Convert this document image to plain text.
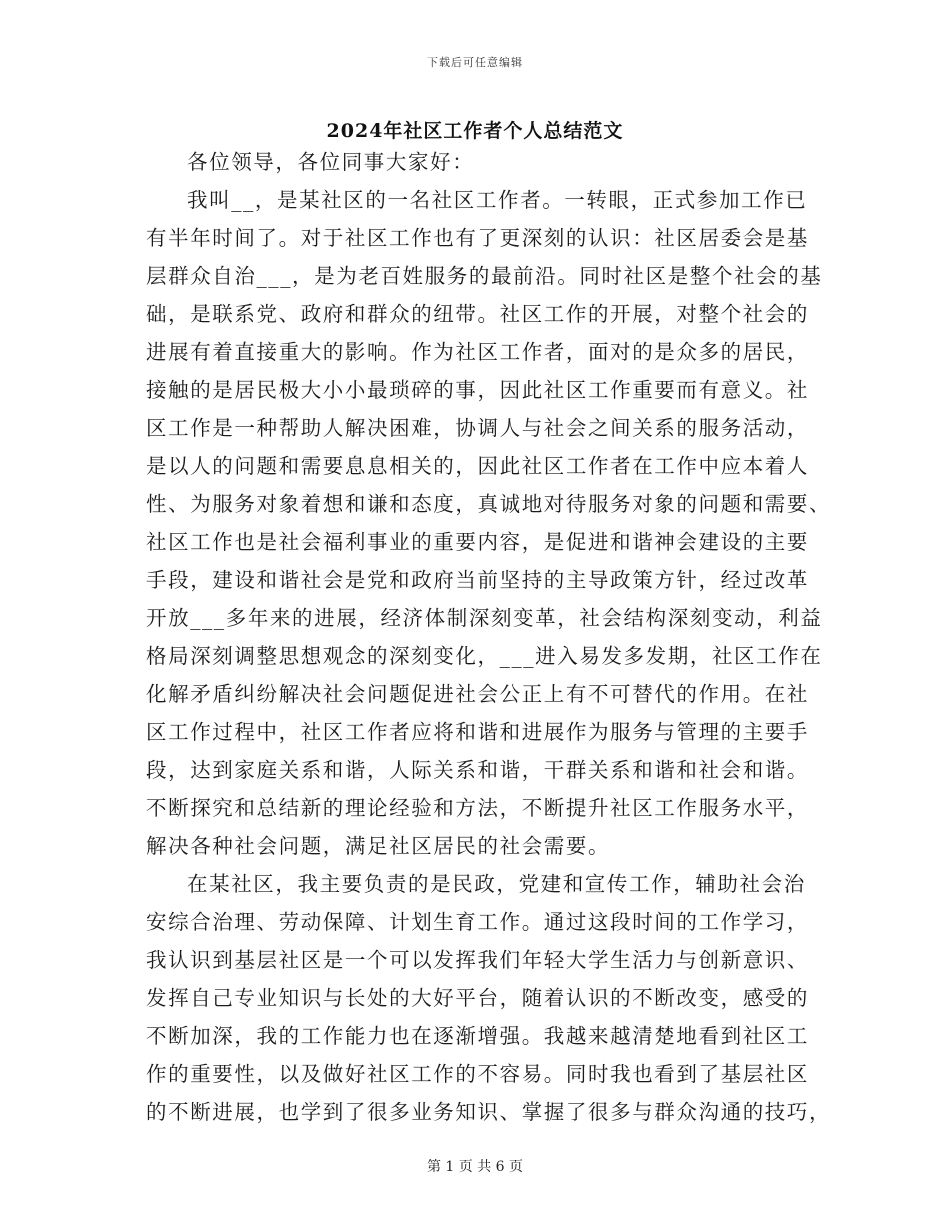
下载后可任意编辑
2024年社区工作者个人总结范文
各位领导，各位同事大家好：
我叫__，是某社区的一名社区工作者。一转眼，正式参加工作已
有半年时间了。对于社区工作也有了更深刻的认识：社区居委会是基
层群众自治___，是为老百姓服务的最前沿。同时社区是整个社会的基
础，是联系党、政府和群众的纽带。社区工作的开展，对整个社会的
进展有着直接重大的影响。作为社区工作者，面对的是众多的居民，
接触的是居民极大小小最琐碎的事，因此社区工作重要而有意义。社
区工作是一种帮助人解决困难，协调人与社会之间关系的服务活动，
是以人的问题和需要息息相关的，因此社区工作者在工作中应本着人
性、为服务对象着想和谦和态度，真诚地对待服务对象的问题和需要、
社区工作也是社会福利事业的重要内容，是促进和谐神会建设的主要
手段，建设和谐社会是党和政府当前坚持的主导政策方针，经过改革
开放___多年来的进展，经济体制深刻变革，社会结构深刻变动，利益
格局深刻调整思想观念的深刻变化，___进入易发多发期，社区工作在
化解矛盾纠纷解决社会问题促进社会公正上有不可替代的作用。在社
区工作过程中，社区工作者应将和谐和进展作为服务与管理的主要手
段，达到家庭关系和谐，人际关系和谐，干群关系和谐和社会和谐。
不断探究和总结新的理论经验和方法，不断提升社区工作服务水平，
解决各种社会问题，满足社区居民的社会需要。
在某社区，我主要负责的是民政，党建和宣传工作，辅助社会治
安综合治理、劳动保障、计划生育工作。通过这段时间的工作学习，
我认识到基层社区是一个可以发挥我们年轻大学生活力与创新意识、
发挥自己专业知识与长处的大好平台，随着认识的不断改变，感受的
不断加深，我的工作能力也在逐渐增强。我越来越清楚地看到社区工
作的重要性，以及做好社区工作的不容易。同时我也看到了基层社区
的不断进展，也学到了很多业务知识、掌握了很多与群众沟通的技巧，
第 1 页 共 6 页
